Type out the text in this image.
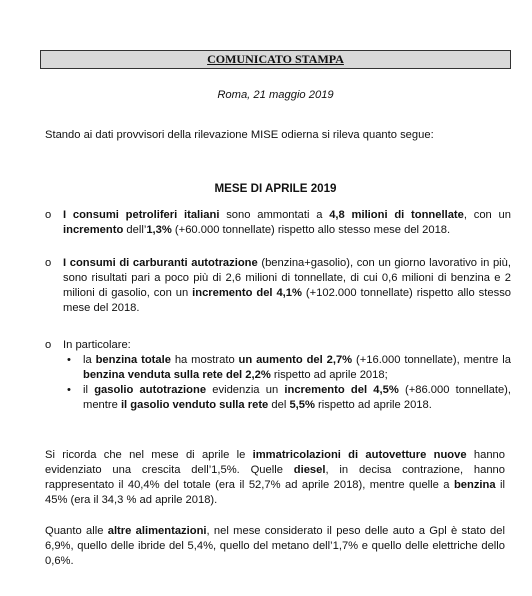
COMUNICATO STAMPA
Roma, 21 maggio 2019
Stando ai dati provvisori della rilevazione MISE odierna si rileva quanto segue:
MESE DI APRILE 2019
o	I consumi petroliferi italiani sono ammontati a 4,8 milioni di tonnellate, con un incremento dell’1,3% (+60.000 tonnellate) rispetto allo stesso mese del 2018.
o	I consumi di carburanti autotrazione (benzina+gasolio), con un giorno lavorativo in più, sono risultati pari a poco più di 2,6 milioni di tonnellate, di cui 0,6 milioni di benzina e 2 milioni di gasolio, con un incremento del 4,1% (+102.000 tonnellate) rispetto allo stesso mese del 2018.
o	In particolare:
• la benzina totale ha mostrato un aumento del 2,7% (+16.000 tonnellate), mentre la benzina venduta sulla rete del 2,2% rispetto ad aprile 2018;
• il gasolio autotrazione evidenzia un incremento del 4,5% (+86.000 tonnellate), mentre il gasolio venduto sulla rete del 5,5% rispetto ad aprile 2018.
Si ricorda che nel mese di aprile le immatricolazioni di autovetture nuove hanno evidenziato una crescita dell’1,5%. Quelle diesel, in decisa contrazione, hanno rappresentato il 40,4% del totale (era il 52,7% ad aprile 2018), mentre quelle a benzina il 45% (era il 34,3 % ad aprile 2018).
Quanto alle altre alimentazioni, nel mese considerato il peso delle auto a Gpl è stato del 6,9%, quello delle ibride del 5,4%, quello del metano dell’1,7% e quello delle elettriche dello 0,6%.
